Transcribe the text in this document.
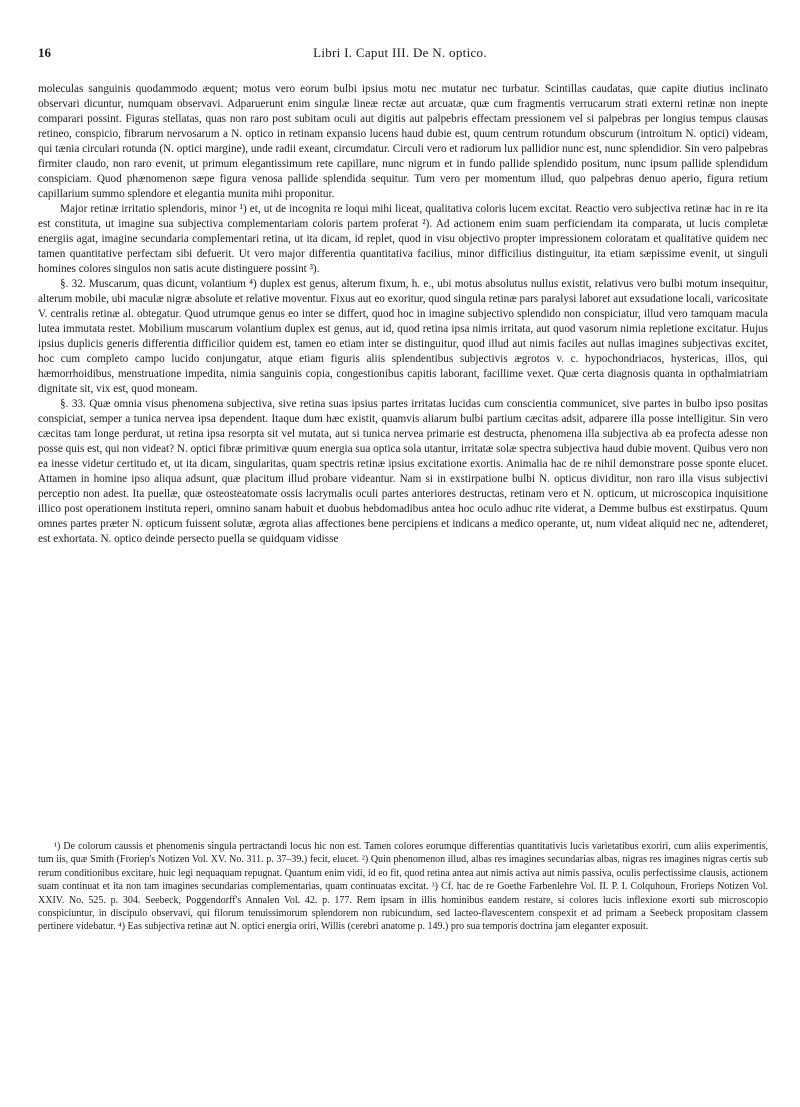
16	Libri I. Caput III. De N. optico.

moleculas sanguinis quodammodo æquent; motus vero eorum bulbi ipsius motu nec mutatur nec turbatur. Scintillas caudatas, quæ capite diutius inclinato observari dicuntur, numquam observavi. Adparuerunt enim singulæ lineæ rectæ aut arcuatæ, quæ cum fragmentis verrucarum strati externi retinæ non inepte comparari possint. Figuras stellatas, quas non raro post subitam oculi aut digitis aut palpebris effectam pressionem vel si palpebras per longius tempus clausas retineo, conspicio, fibrarum nervosarum a N. optico in retinam expansio lucens haud dubie est, quum centrum rotundum obscurum (introitum N. optici) videam, qui tænia circulari rotunda (N. optici margine), unde radii exeant, circumdatur. Circuli vero et radiorum lux pallidior nunc est, nunc splendidior. Sin vero palpebras firmiter claudo, non raro evenit, ut primum elegantissimum rete capillare, nunc nigrum et in fundo pallide splendido positum, nunc ipsum pallide splendidum conspiciam. Quod phænomenon sæpe figura venosa pallide splendida sequitur. Tum vero per momentum illud, quo palpebras denuo aperio, figura retium capillarium summo splendore et elegantia munita mihi proponitur.

Major retinæ irritatio splendoris, minor ¹) et, ut de incognita re loqui mihi liceat, qualitativa coloris lucem excitat. Reactio vero subjectiva retinæ hac in re ita est constituta, ut imagine sua subjectiva complementariam coloris partem proferat ²). Ad actionem enim suam perficiendam ita comparata, ut lucis completæ energiis agat, imagine secundaria complementari retina, ut ita dicam, id replet, quod in visu objectivo propter impressionem coloratam et qualitative quidem nec tamen quantitative perfectam sibi defuerit. Ut vero major differentia quantitativa facilius, minor difficilius distinguitur, ita etiam sæpissime evenit, ut singuli homines colores singulos non satis acute distinguere possint ³).

§. 32. Muscarum, quas dicunt, volantium ⁴) duplex est genus, alterum fixum, h. e., ubi motus absolutus nullus existit, relativus vero bulbi motum insequitur, alterum mobile, ubi maculæ nigræ absolute et relative moventur. Fixus aut eo exoritur, quod singula retinæ pars paralysi laboret aut exsudatione locali, varicositate V. centralis retinæ al. obtegatur. Quod utrumque genus eo inter se differt, quod hoc in imagine subjectivo splendido non conspiciatur, illud vero tamquam macula lutea immutata restet. Mobilium muscarum volantium duplex est genus, aut id, quod retina ipsa nimis irritata, aut quod vasorum nimia repletione excitatur. Hujus ipsius duplicis generis differentia difficilior quidem est, tamen eo etiam inter se distinguitur, quod illud aut nimis faciles aut nullas imagines subjectivas excitet, hoc cum completo campo lucido conjungatur, atque etiam figuris aliis splendentibus subjectivis ægrotos v. c. hypochondriacos, hystericas, illos, qui hæmorrhoidibus, menstruatione impedita, nimia sanguinis copia, congestionibus capitis laborant, facillime vexet. Quæ certa diagnosis quanta in opthalmiatriam dignitate sit, vix est, quod moneam.

§. 33. Quæ omnia visus phenomena subjectiva, sive retina suas ipsius partes irritatas lucidas cum conscientia communicet, sive partes in bulbo ipso positas conspiciat, semper a tunica nervea ipsa dependent. Itaque dum hæc existit, quamvis aliarum bulbi partium cæcitas adsit, adparere illa posse intelligitur. Sin vero cæcitas tam longe perdurat, ut retina ipsa resorpta sit vel mutata, aut si tunica nervea primarie est destructa, phenomena illa subjectiva ab ea profecta adesse non posse quis est, qui non videat? N. optici fibræ primitivæ quum energia sua optica sola utantur, irritatæ solæ spectra subjectiva haud dubie movent. Quibus vero non ea inesse videtur certitudo et, ut ita dicam, singularitas, quam spectris retinæ ipsius excitatione exortis. Animalia hac de re nihil demonstrare posse sponte elucet. Attamen in homine ipso aliqua adsunt, quæ placitum illud probare videantur. Nam si in exstirpatione bulbi N. opticus dividitur, non raro illa visus subjectivi perceptio non adest. Ita puellæ, quæ osteosteatomate ossis lacrymalis oculi partes anteriores destructas, retinam vero et N. opticum, ut microscopica inquisitione illico post operationem instituta reperi, omnino sanam habuit et duobus hebdomadibus antea hoc oculo adhuc rite viderat, a Demme bulbus est exstirpatus. Quum omnes partes præter N. opticum fuissent solutæ, ægrota alias affectiones bene percipiens et indicans a medico operante, ut, num videat aliquid nec ne, adtenderet, est exhortata. N. optico deinde persecto puella se quidquam vidisse

¹) De colorum caussis et phenomenis singula pertractandi locus hic non est. Tamen colores eorumque differentias quantitativis lucis varietatibus exoriri, cum aliis experimentis, tum iis, quæ Smith (Froriep's Notizen Vol. XV. No. 311. p. 37–39.) fecit, elucet. ²) Quin phenomenon illud, albas res imagines secundarias albas, nigras res imagines nigras certis sub rerum conditionibus excitare, huic legi nequaquam repugnat. Quantum enim vidi, id eo fit, quod retina antea aut nimis activa aut nimis passiva, oculis perfectissime clausis, actionem suam continuat et ita non tam imagines secundarias complementarias, quam continuatas excitat. ³) Cf. hac de re Goethe Farbenlehre Vol. II. P. I. Colquhoun, Frorieps Notizen Vol. XXIV. No. 525. p. 304. Seebeck, Poggendorff's Annalen Vol. 42. p. 177. Rem ipsam in illis hominibus eandem restare, si colores lucis inflexione exorti sub microscopio conspiciuntur, in discipulo observavi, qui filorum tenuissimorum splendorem non rubicundum, sed lacteo-flavescentem conspexit et ad primam a Seebeck propositam classem pertinere videbatur. ⁴) Eas subjectiva retinæ aut N. optici energia oriri, Willis (cerebri anatome p. 149.) pro sua temporis doctrina jam eleganter exposuit.
